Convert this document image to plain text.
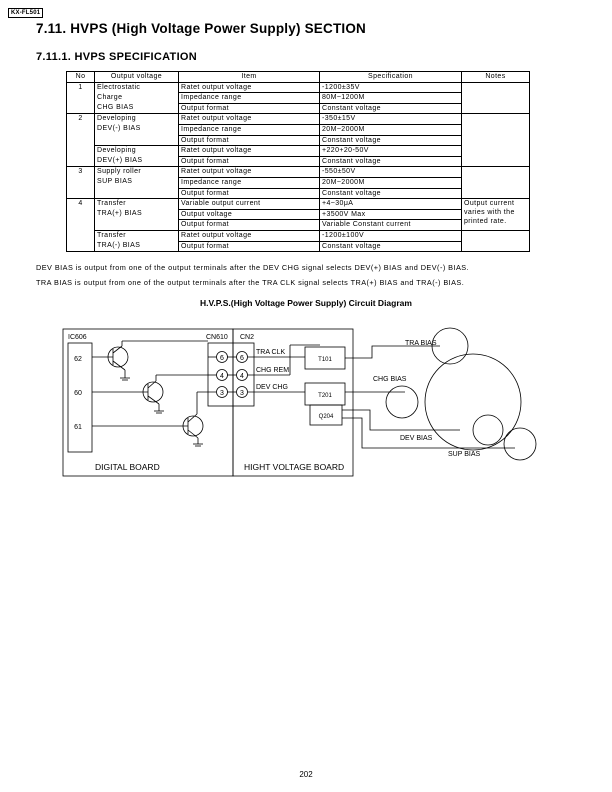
KX-FL501
7.11. HVPS (High Voltage Power Supply) SECTION
7.11.1. HVPS SPECIFICATION
No	Output voltage	Item	Specification	Notes
1	Electrostatic	Ratet output voltage	-1200±35V	
	Charge	Impedance range	80M~1200M	
	CHG BIAS	Output format	Constant voltage	
2	Developing	Ratet output voltage	-350±15V	
	DEV(-) BIAS	Impedance range	20M~2000M	
		Output format	Constant voltage	
	Developing	Ratet output voltage	+220+20-50V	
	DEV(+) BIAS	Output format	Constant voltage	
3	Supply roller	Ratet output voltage	-550±50V	
	SUP BIAS	Impedance range	20M~2000M	
		Output format	Constant voltage	
4	Transfer	Variable output current	+4~30μA	Output current varies with the printed rate.
	TRA(+) BIAS	Output voltage	+3500V Max	
		Output format	Variable Constant current	
	Transfer	Ratet output voltage	-1200±100V	
	TRA(-) BIAS	Output format	Constant voltage	
DEV BIAS is output from one of the output terminals after the DEV CHG signal selects DEV(+) BIAS and DEV(-) BIAS.
TRA BIAS is output from one of the output terminals after the TRA CLK signal selects TRA(+) BIAS and TRA(-) BIAS.
H.V.P.S.(High Voltage Power Supply) Circuit Diagram
IC606
62
60
61
CN610 CN2
6 6
4 4
3 3
TRA CLK
CHG REM
DEV CHG
T101
T201
Q204
TRA BIAS
CHG BIAS
DEV BIAS
SUP BIAS
DIGITAL BOARD	HIGHT VOLTAGE BOARD
202
